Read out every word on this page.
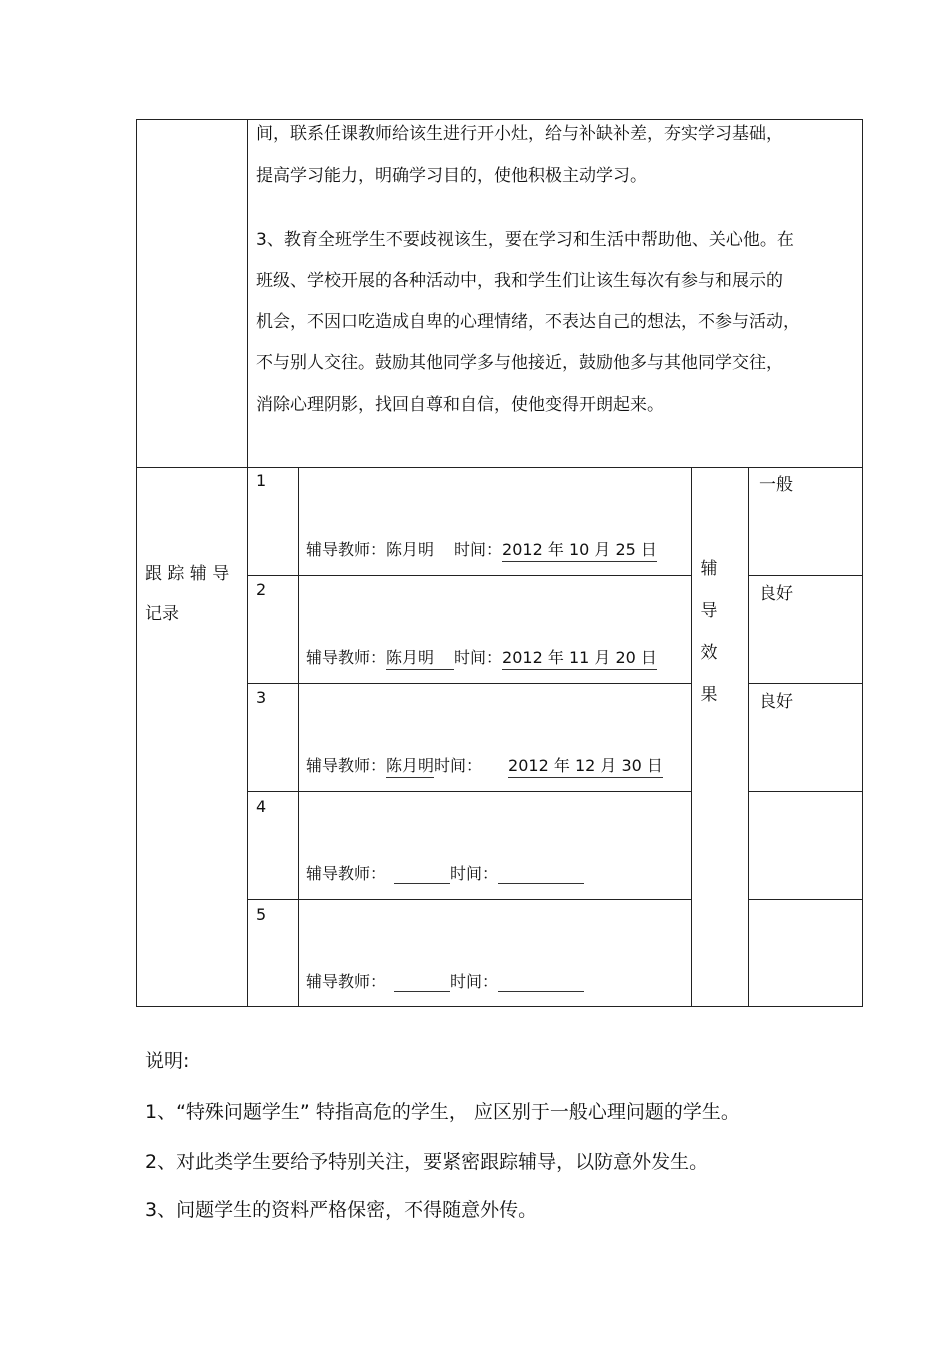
间，联系任课教师给该生进行开小灶，给与补缺补差，夯实学习基础，
提高学习能力，明确学习目的，使他积极主动学习。
3、教育全班学生不要歧视该生，要在学习和生活中帮助他、关心他。在
班级、学校开展的各种活动中，我和学生们让该生每次有参与和展示的
机会，不因口吃造成自卑的心理情绪，不表达自己的想法，不参与活动，
不与别人交往。鼓励其他同学多与他接近，鼓励他多与其他同学交往，
消除心理阴影，找回自尊和自信，使他变得开朗起来。
跟 踪 辅 导
记录
1
2
3
4
5
辅导教师：陈月明 时间：2012 年 10 月 25 日
辅导教师：陈月明 时间：2012 年 11 月 20 日
辅导教师：陈月明时间： 2012 年 12 月 30 日
辅导教师：	时间：
辅导教师：	时间：
辅
导
效
果
一般
良好
良好
说明:
1、“特殊问题学生” 特指高危的学生， 应区别于一般心理问题的学生。
2、对此类学生要给予特别关注，要紧密跟踪辅导，以防意外发生。
3、问题学生的资料严格保密，不得随意外传。
